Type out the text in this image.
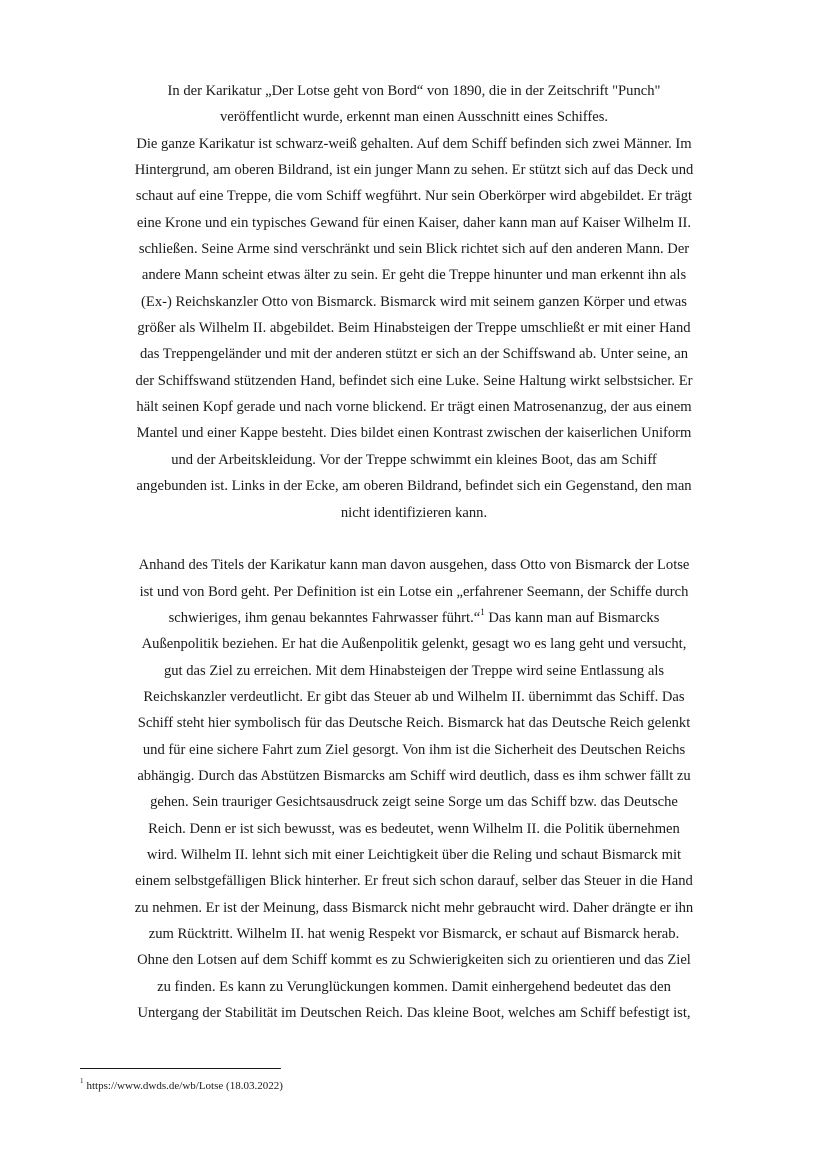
In der Karikatur „Der Lotse geht von Bord“ von 1890, die in der Zeitschrift "Punch"
veröffentlicht wurde, erkennt man einen Ausschnitt eines Schiffes.
Die ganze Karikatur ist schwarz-weiß gehalten. Auf dem Schiff befinden sich zwei Männer. Im
Hintergrund, am oberen Bildrand, ist ein junger Mann zu sehen. Er stützt sich auf das Deck und
schaut auf eine Treppe, die vom Schiff wegführt. Nur sein Oberkörper wird abgebildet. Er trägt
eine Krone und ein typisches Gewand für einen Kaiser, daher kann man auf Kaiser Wilhelm II.
schließen. Seine Arme sind verschränkt und sein Blick richtet sich auf den anderen Mann. Der
andere Mann scheint etwas älter zu sein. Er geht die Treppe hinunter und man erkennt ihn als
(Ex-) Reichskanzler Otto von Bismarck. Bismarck wird mit seinem ganzen Körper und etwas
größer als Wilhelm II. abgebildet. Beim Hinabsteigen der Treppe umschließt er mit einer Hand
das Treppengeländer und mit der anderen stützt er sich an der Schiffswand ab. Unter seine, an
der Schiffswand stützenden Hand, befindet sich eine Luke. Seine Haltung wirkt selbstsicher. Er
hält seinen Kopf gerade und nach vorne blickend. Er trägt einen Matrosenanzug, der aus einem
Mantel und einer Kappe besteht. Dies bildet einen Kontrast zwischen der kaiserlichen Uniform
und der Arbeitskleidung. Vor der Treppe schwimmt ein kleines Boot, das am Schiff
angebunden ist. Links in der Ecke, am oberen Bildrand, befindet sich ein Gegenstand, den man
nicht identifizieren kann.
Anhand des Titels der Karikatur kann man davon ausgehen, dass Otto von Bismarck der Lotse
ist und von Bord geht. Per Definition ist ein Lotse ein „erfahrener Seemann, der Schiffe durch
schwieriges, ihm genau bekanntes Fahrwasser führt.“$^1$ Das kann man auf Bismarcks
Außenpolitik beziehen. Er hat die Außenpolitik gelenkt, gesagt wo es lang geht und versucht,
gut das Ziel zu erreichen. Mit dem Hinabsteigen der Treppe wird seine Entlassung als
Reichskanzler verdeutlicht. Er gibt das Steuer ab und Wilhelm II. übernimmt das Schiff. Das
Schiff steht hier symbolisch für das Deutsche Reich. Bismarck hat das Deutsche Reich gelenkt
und für eine sichere Fahrt zum Ziel gesorgt. Von ihm ist die Sicherheit des Deutschen Reichs
abhängig. Durch das Abstützen Bismarcks am Schiff wird deutlich, dass es ihm schwer fällt zu
gehen. Sein trauriger Gesichtsausdruck zeigt seine Sorge um das Schiff bzw. das Deutsche
Reich. Denn er ist sich bewusst, was es bedeutet, wenn Wilhelm II. die Politik übernehmen
wird. Wilhelm II. lehnt sich mit einer Leichtigkeit über die Reling und schaut Bismarck mit
einem selbstgefälligen Blick hinterher. Er freut sich schon darauf, selber das Steuer in die Hand
zu nehmen. Er ist der Meinung, dass Bismarck nicht mehr gebraucht wird. Daher drängte er ihn
zum Rücktritt. Wilhelm II. hat wenig Respekt vor Bismarck, er schaut auf Bismarck herab.
Ohne den Lotsen auf dem Schiff kommt es zu Schwierigkeiten sich zu orientieren und das Ziel
zu finden. Es kann zu Verunglückungen kommen. Damit einhergehend bedeutet das den
Untergang der Stabilität im Deutschen Reich. Das kleine Boot, welches am Schiff befestigt ist,
$^1$ https://www.dwds.de/wb/Lotse (18.03.2022)
